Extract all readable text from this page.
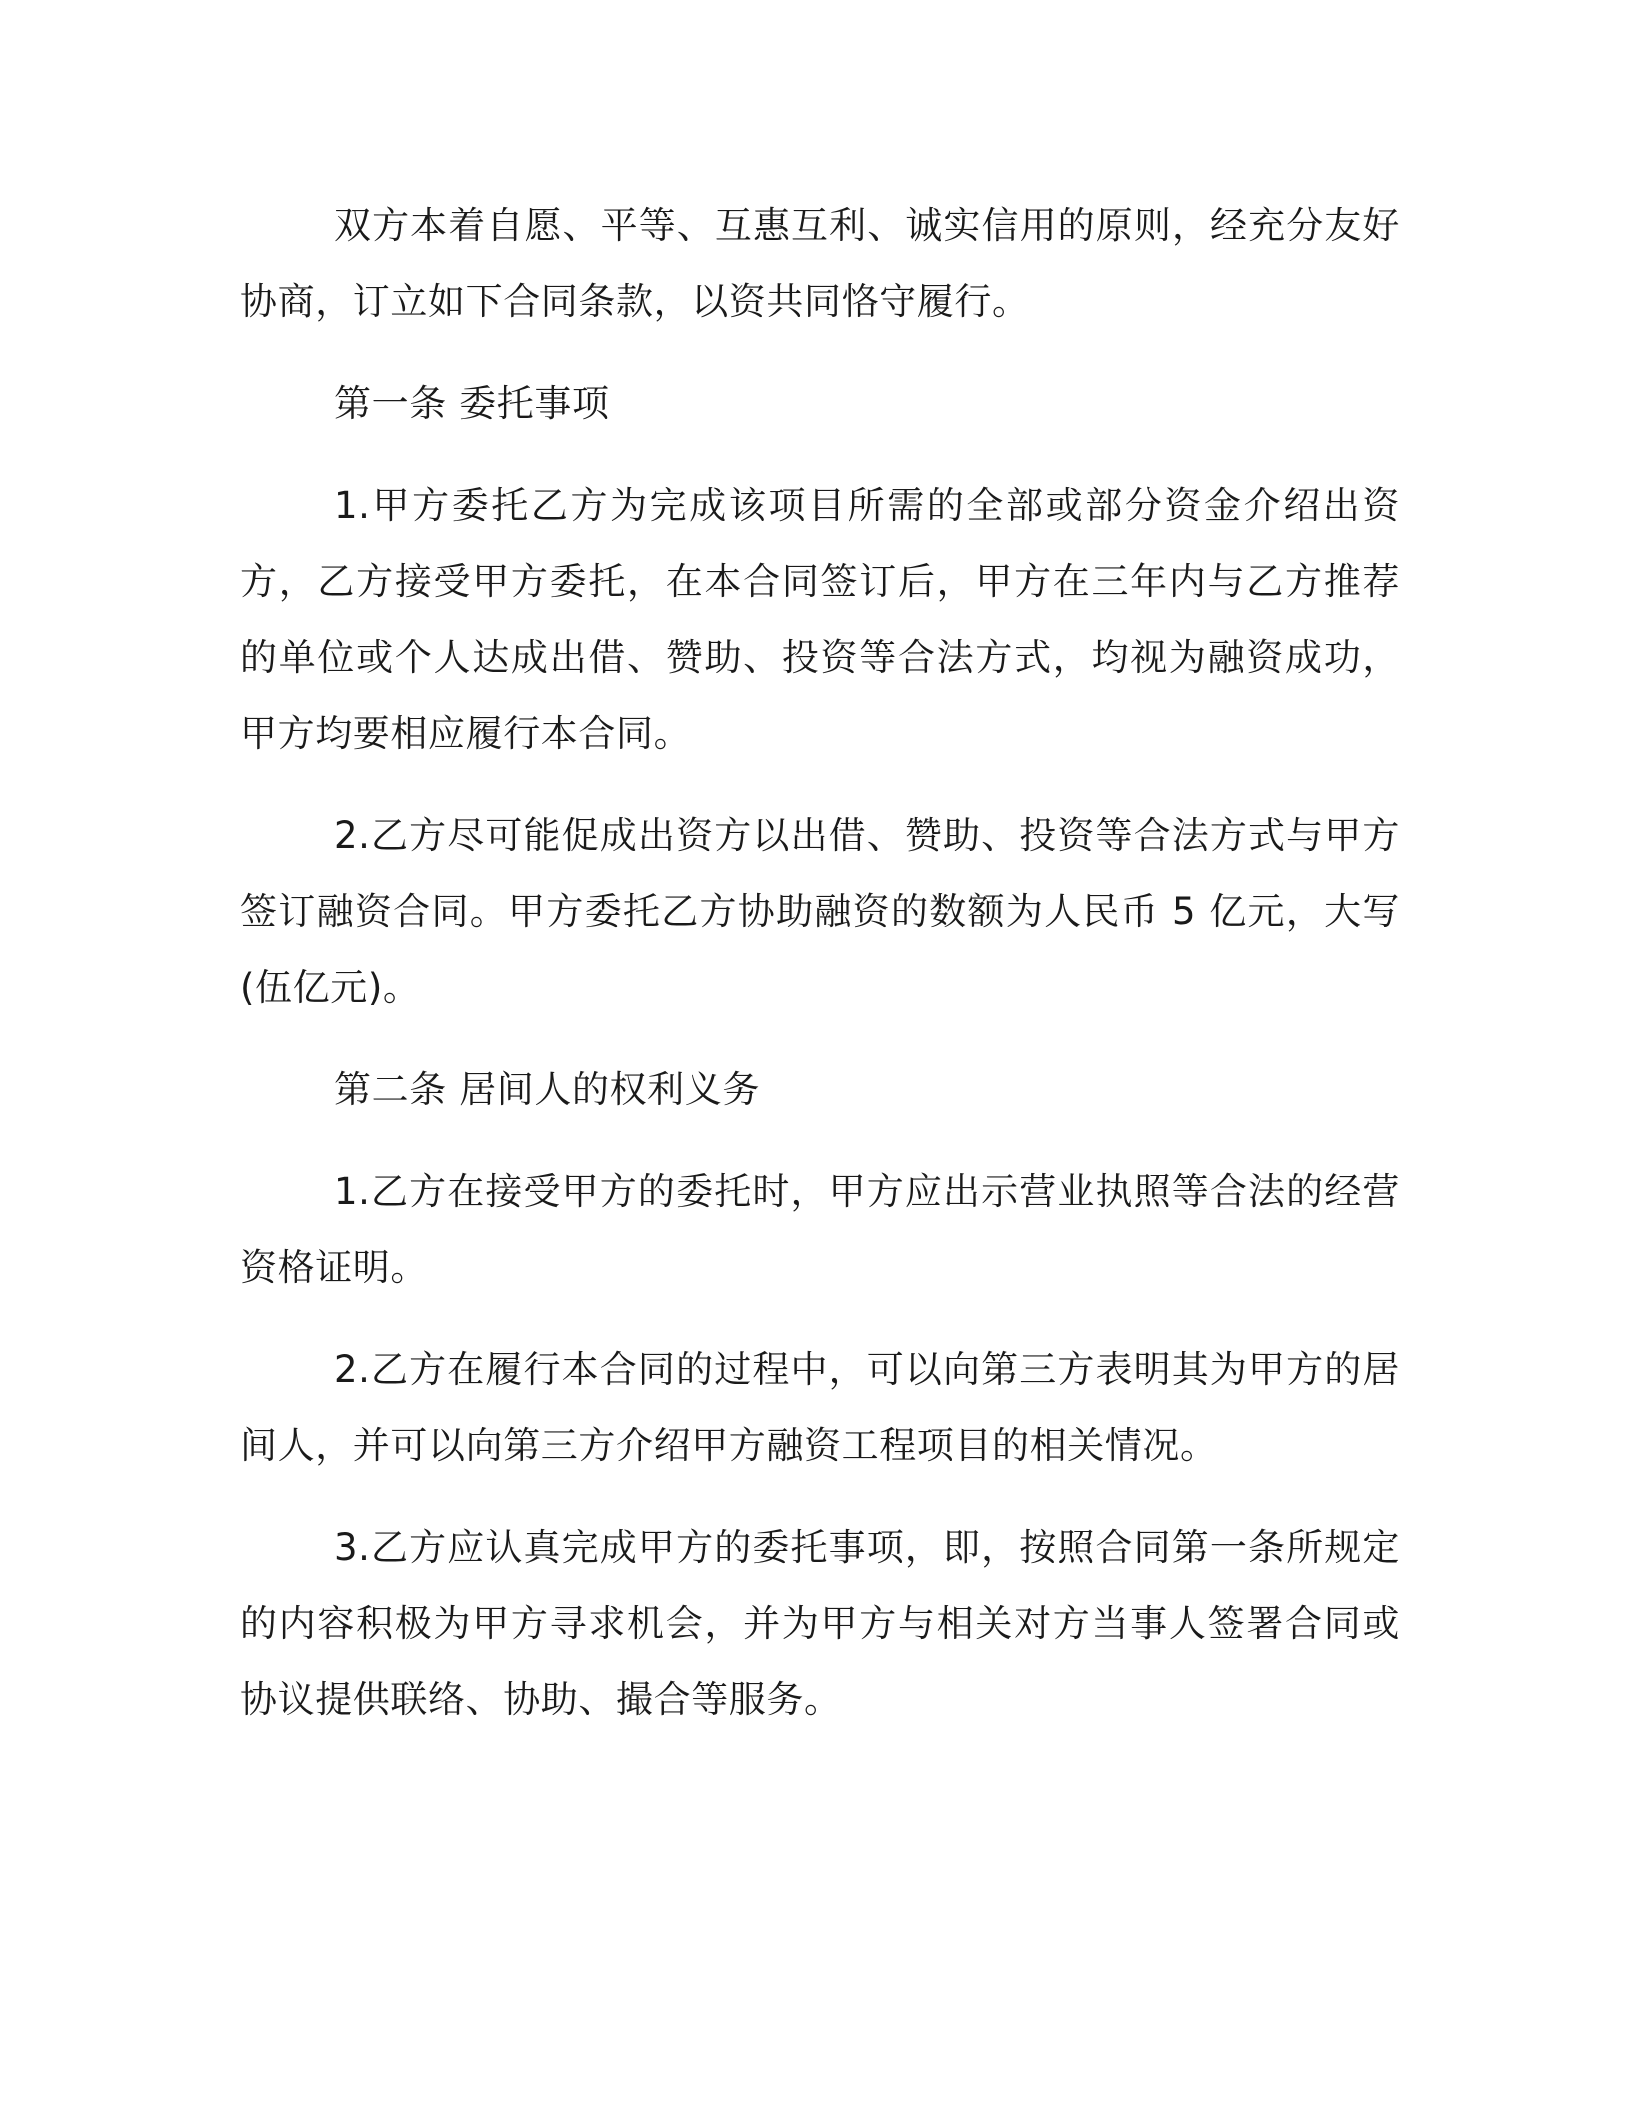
双方本着自愿、平等、互惠互利、诚实信用的原则，经充分友好协商，订立如下合同条款，以资共同恪守履行。

第一条 委托事项

1.甲方委托乙方为完成该项目所需的全部或部分资金介绍出资方，乙方接受甲方委托，在本合同签订后，甲方在三年内与乙方推荐的单位或个人达成出借、赞助、投资等合法方式，均视为融资成功，甲方均要相应履行本合同。

2.乙方尽可能促成出资方以出借、赞助、投资等合法方式与甲方签订融资合同。甲方委托乙方协助融资的数额为人民币 5 亿元，大写(伍亿元)。

第二条 居间人的权利义务

1.乙方在接受甲方的委托时，甲方应出示营业执照等合法的经营资格证明。

2.乙方在履行本合同的过程中，可以向第三方表明其为甲方的居间人，并可以向第三方介绍甲方融资工程项目的相关情况。

3.乙方应认真完成甲方的委托事项，即，按照合同第一条所规定的内容积极为甲方寻求机会，并为甲方与相关对方当事人签署合同或协议提供联络、协助、撮合等服务。
